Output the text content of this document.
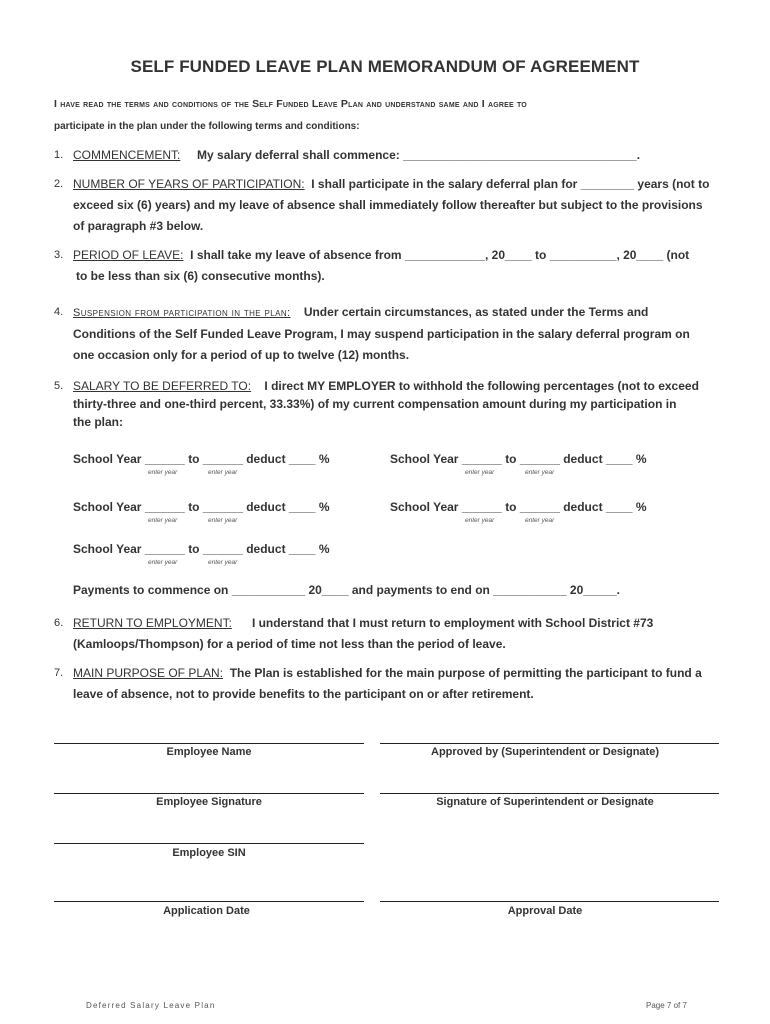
SELF FUNDED LEAVE PLAN MEMORANDUM OF AGREEMENT
I have read the terms and conditions of the Self Funded Leave Plan and understand same and I agree to
participate in the plan under the following terms and conditions:
1. COMMENCEMENT: My salary deferral shall commence: ___________________________________.
2. NUMBER OF YEARS OF PARTICIPATION: I shall participate in the salary deferral plan for ________ years (not to
exceed six (6) years) and my leave of absence shall immediately follow thereafter but subject to the provisions
of paragraph #3 below.
3. PERIOD OF LEAVE: I shall take my leave of absence from ____________, 20____ to __________, 20____ (not
to be less than six (6) consecutive months).
4. Suspension from participation in the plan: Under certain circumstances, as stated under the Terms and
Conditions of the Self Funded Leave Program, I may suspend participation in the salary deferral program on
one occasion only for a period of up to twelve (12) months.
5. SALARY TO BE DEFERRED TO: I direct MY EMPLOYER to withhold the following percentages (not to exceed
thirty-three and one-third percent, 33.33%) of my current compensation amount during my participation in
the plan:
School Year ______ to ______ deduct ____ %
enter year	enter year
School Year ______ to ______ deduct ____ %
enter year	enter year
School Year ______ to ______ deduct ____ %
enter year	enter year
School Year ______ to ______ deduct ____ %
enter year	enter year
School Year ______ to ______ deduct ____ %
enter year	enter year
Payments to commence on ___________ 20____ and payments to end on ___________ 20_____.
6. RETURN TO EMPLOYMENT: I understand that I must return to employment with School District #73
(Kamloops/Thompson) for a period of time not less than the period of leave.
7. MAIN PURPOSE OF PLAN: The Plan is established for the main purpose of permitting the participant to fund a
leave of absence, not to provide benefits to the participant on or after retirement.
Employee Name	Approved by (Superintendent or Designate)
Employee Signature	Signature of Superintendent or Designate
Employee SIN
Application Date	Approval Date
Deferred Salary Leave Plan	Page 7 of 7
